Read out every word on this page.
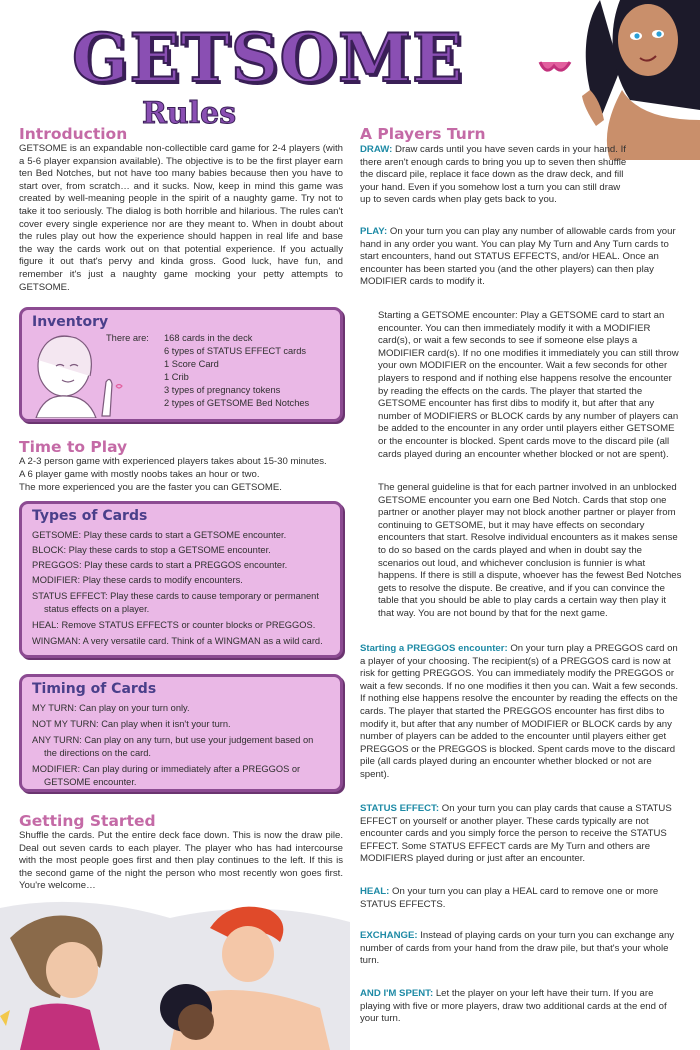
GETSOME
Rules
Introduction
GETSOME is an expandable non-collectible card game for 2-4 players (with a 5-6 player expansion available). The objective is to be the first player earn ten Bed Notches, but not have too many babies because then you have to start over, from scratch… and it sucks. Now, keep in mind this game was created by well-meaning people in the spirit of a naughty game. Try not to take it too seriously. The dialog is both horrible and hilarious. The rules can't cover every single experience nor are they meant to. When in doubt about the rules play out how the experience should happen in real life and base the way the cards work out on that potential experience. If you actually figure it out that's pervy and kinda gross. Good luck, have fun, and remember it's just a naughty game mocking your petty attempts to GETSOME.
Inventory
There are: 168 cards in the deck
6 types of STATUS EFFECT cards
1 Score Card
1 Crib
3 types of pregnancy tokens
2 types of GETSOME Bed Notches
Time to Play
A 2-3 person game with experienced players takes about 15-30 minutes.
A 6 player game with mostly noobs takes an hour or two.
The more experienced you are the faster you can GETSOME.
Types of Cards
GETSOME: Play these cards to start a GETSOME encounter.
BLOCK: Play these cards to stop a GETSOME encounter.
PREGGOS: Play these cards to start a PREGGOS encounter.
MODIFIER: Play these cards to modify encounters.
STATUS EFFECT: Play these cards to cause temporary or permanent
status effects on a player.
HEAL: Remove STATUS EFFECTS or counter blocks or PREGGOS.
WINGMAN: A very versatile card. Think of a WINGMAN as a wild card.
Timing of Cards
MY TURN: Can play on your turn only.
NOT MY TURN: Can play when it isn't your turn.
ANY TURN: Can play on any turn, but use your judgement based on
the directions on the card.
MODIFIER: Can play during or immediately after a PREGGOS or
GETSOME encounter.
Getting Started
Shuffle the cards. Put the entire deck face down. This is now the draw pile. Deal out seven cards to each player. The player who has had intercourse with the most people goes first and then play continues to the left. If this is the second game of the night the person who most recently won goes first. You're welcome…
A Players Turn
DRAW: Draw cards until you have seven cards in your hand. If there aren't enough cards to bring you up to seven then shuffle the discard pile, replace it face down as the draw deck, and fill your hand. Even if you somehow lost a turn you can still draw up to seven cards when play gets back to you.
PLAY: On your turn you can play any number of allowable cards from your hand in any order you want. You can play My Turn and Any Turn cards to start encounters, hand out STATUS EFFECTS, and/or HEAL. Once an encounter has been started you (and the other players) can then play MODIFIER cards to modify it.
Starting a GETSOME encounter: Play a GETSOME card to start an encounter. You can then immediately modify it with a MODIFIER card(s), or wait a few seconds to see if someone else plays a MODIFIER card(s). If no one modifies it immediately you can still throw your own MODIFIER on the encounter. Wait a few seconds for other players to respond and if nothing else happens resolve the encounter by reading the effects on the cards. The player that started the GETSOME encounter has first dibs to modify it, but after that any number of MODIFIERS or BLOCK cards by any number of players can be added to the encounter in any order until players either GETSOME or the encounter is blocked. Spent cards move to the discard pile (all cards played during an encounter whether blocked or not are spent).
The general guideline is that for each partner involved in an unblocked GETSOME encounter you earn one Bed Notch. Cards that stop one partner or another player may not block another partner or player from continuing to GETSOME, but it may have effects on secondary encounters that start. Resolve individual encounters as it makes sense to do so based on the cards played and when in doubt say the scenarios out loud, and whichever conclusion is funnier is what happens. If there is still a dispute, whoever has the fewest Bed Notches gets to resolve the dispute. Be creative, and if you can convince the table that you should be able to play cards a certain way then play it that way. You are not bound by that for the next game.
Starting a PREGGOS encounter: On your turn play a PREGGOS card on a player of your choosing. The recipient(s) of a PREGGOS card is now at risk for getting PREGGOS. You can immediately modify the PREGGOS or wait a few seconds. If no one modifies it then you can. Wait a few seconds. If nothing else happens resolve the encounter by reading the effects on the cards. The player that started the PREGGOS encounter has first dibs to modify it, but after that any number of MODIFIER or BLOCK cards by any number of players can be added to the encounter until players either get PREGGOS or the PREGGOS is blocked. Spent cards move to the discard pile (all cards played during an encounter whether blocked or not are spent).
STATUS EFFECT: On your turn you can play cards that cause a STATUS EFFECT on yourself or another player. These cards typically are not encounter cards and you simply force the person to receive the STATUS EFFECT. Some STATUS EFFECT cards are My Turn and others are MODIFIERS played during or just after an encounter.
HEAL: On your turn you can play a HEAL card to remove one or more STATUS EFFECTS.
EXCHANGE: Instead of playing cards on your turn you can exchange any number of cards from your hand from the draw pile, but that's your whole turn.
AND I'M SPENT: Let the player on your left have their turn. If you are playing with five or more players, draw two additional cards at the end of your turn.
